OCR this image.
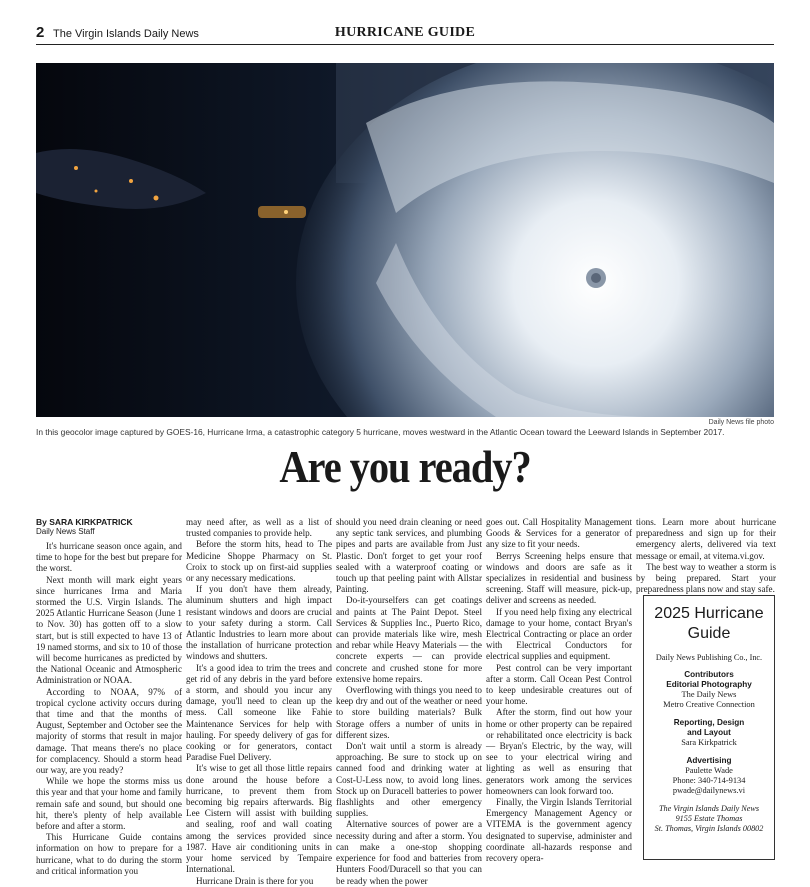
2 The Virgin Islands Daily News	HURRICANE GUIDE
Daily News file photo
In this geocolor image captured by GOES-16, Hurricane Irma, a catastrophic category 5 hurricane, moves westward in the Atlantic Ocean toward the Leeward Islands in September 2017.
Are you ready?
By SARA KIRKPATRICK
Daily News Staff

It's hurricane season once again, and time to hope for the best but prepare for the worst.

Next month will mark eight years since hurricanes Irma and Maria stormed the U.S. Virgin Islands. The 2025 Atlantic Hurricane Season (June 1 to Nov. 30) has gotten off to a slow start, but is still expected to have 13 of 19 named storms, and six to 10 of those will become hurricanes as predicted by the National Oceanic and Atmospheric Administration or NOAA.

According to NOAA, 97% of tropical cyclone activity occurs during that time and that the months of August, September and October see the majority of storms that result in major damage. That means there's no place for complacency. Should a storm head our way, are you ready?

While we hope the storms miss us this year and that your home and family remain safe and sound, but should one hit, there's plenty of help available before and after a storm.

This Hurricane Guide contains information on how to prepare for a hurricane, what to do during the storm and critical information you

may need after, as well as a list of trusted companies to provide help.

Before the storm hits, head to The Medicine Shoppe Pharmacy on St. Croix to stock up on first-aid supplies or any necessary medications.

If you don't have them already, aluminum shutters and high impact resistant windows and doors are crucial to your safety during a storm. Call Atlantic Industries to learn more about the installation of hurricane protection windows and shutters.

It's a good idea to trim the trees and get rid of any debris in the yard before a storm, and should you incur any damage, you'll need to clean up the mess. Call someone like Fahie Maintenance Services for help with hauling. For speedy delivery of gas for cooking or for generators, contact Paradise Fuel Delivery.

It's wise to get all those little repairs done around the house before a hurricane, to prevent them from becoming big repairs afterwards. Big Lee Cistern will assist with building and sealing, roof and wall coating among the services provided since 1987. Have air conditioning units in your home serviced by Tempaire International.

Hurricane Drain is there for you

should you need drain cleaning or need any septic tank services, and plumbing pipes and parts are available from Just Plastic. Don't forget to get your roof sealed with a waterproof coating or touch up that peeling paint with Allstar Painting.

Do-it-yourselfers can get coatings and paints at The Paint Depot. Steel Services & Supplies Inc., Puerto Rico, can provide materials like wire, mesh and rebar while Heavy Materials — the concrete experts — can provide concrete and crushed stone for more extensive home repairs.

Overflowing with things you need to keep dry and out of the weather or need to store building materials? Bulk Storage offers a number of units in different sizes.

Don't wait until a storm is already approaching. Be sure to stock up on canned food and drinking water at Cost-U-Less now, to avoid long lines. Stock up on Duracell batteries to power flashlights and other emergency supplies.

Alternative sources of power are a necessity during and after a storm. You can make a one-stop shopping experience for food and batteries from Hunters Food/Duracell so that you can be ready when the power

goes out. Call Hospitality Management Goods & Services for a generator of any size to fit your needs.

Berrys Screening helps ensure that windows and doors are safe as it specializes in residential and business screening. Staff will measure, pick-up, deliver and screens as needed.

If you need help fixing any electrical damage to your home, contact Bryan's Electrical Contracting or place an order with Electrical Conductors for electrical supplies and equipment.

Pest control can be very important after a storm. Call Ocean Pest Control to keep undesirable creatures out of your home.

After the storm, find out how your home or other property can be repaired or rehabilitated once electricity is back — Bryan's Electric, by the way, will see to your electrical wiring and lighting as well as ensuring that generators work among the services homeowners can look forward too.

Finally, the Virgin Islands Territorial Emergency Management Agency or VITEMA is the government agency designated to supervise, administer and coordinate all-hazards response and recovery opera-

tions. Learn more about hurricane preparedness and sign up for their emergency alerts, delivered via text message or email, at vitema.vi.gov.

The best way to weather a storm is by being prepared. Start your preparedness plans now and stay safe.

2025 Hurricane Guide
Daily News Publishing Co., Inc.
Contributors
Editorial Photography
The Daily News
Metro Creative Connection
Reporting, Design
and Layout
Sara Kirkpatrick
Advertising
Paulette Wade
Phone: 340-714-9134
pwade@dailynews.vi
The Virgin Islands Daily News
9155 Estate Thomas
St. Thomas, Virgin Islands 00802
